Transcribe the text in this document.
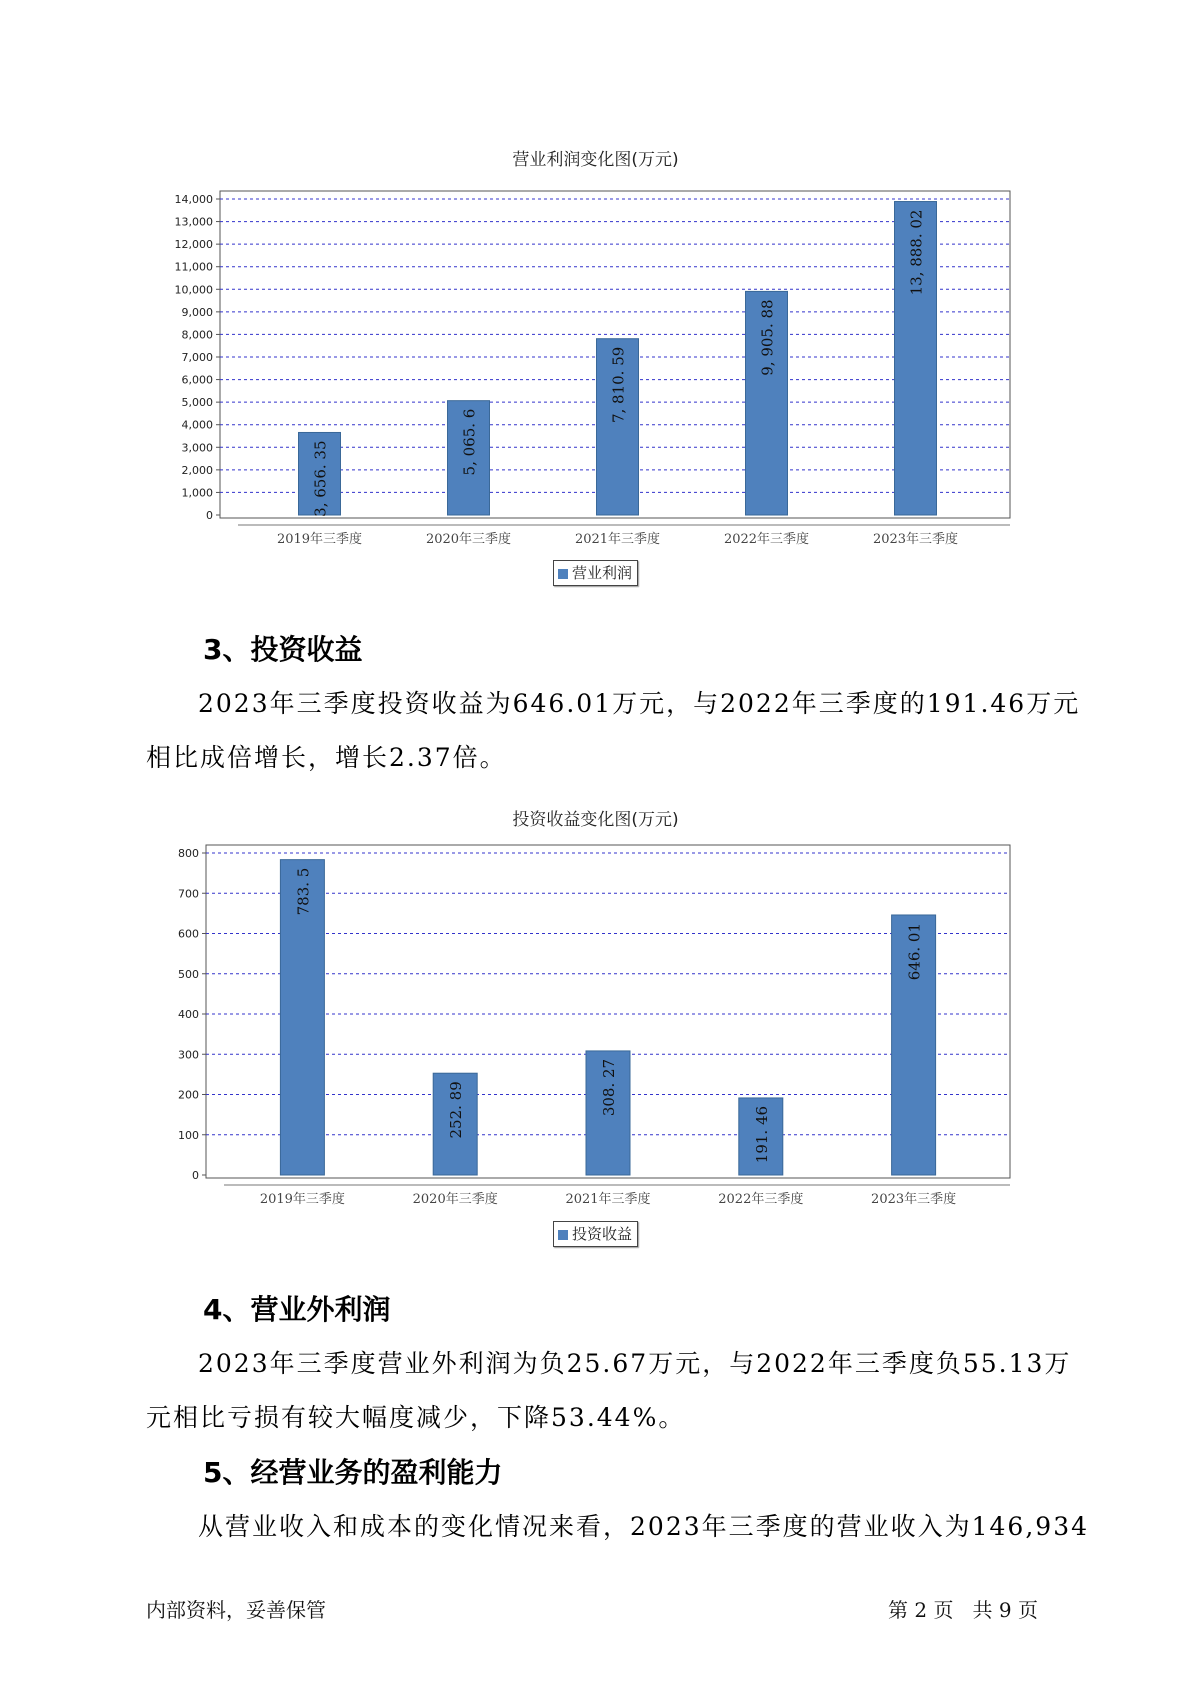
营业利润变化图(万元)
0
1,000
2,000
3,000
4,000
5,000
6,000
7,000
8,000
9,000
10,000
11,000
12,000
13,000
14,000
3, 656. 35
2019年三季度
5, 065. 6
2020年三季度
7, 810. 59
2021年三季度
9, 905. 88
2022年三季度
13, 888. 02
2023年三季度
营业利润
3、投资收益
2023年三季度投资收益为646.01万元，与2022年三季度的191.46万元
相比成倍增长，增长2.37倍。
投资收益变化图(万元)
0
100
200
300
400
500
600
700
800
783. 5
2019年三季度
252. 89
2020年三季度
308. 27
2021年三季度
191. 46
2022年三季度
646. 01
2023年三季度
投资收益
4、营业外利润
2023年三季度营业外利润为负25.67万元，与2022年三季度负55.13万
元相比亏损有较大幅度减少，下降53.44%。
5、经营业务的盈利能力
从营业收入和成本的变化情况来看，2023年三季度的营业收入为146,934
内部资料，妥善保管	第 2 页   共 9 页
